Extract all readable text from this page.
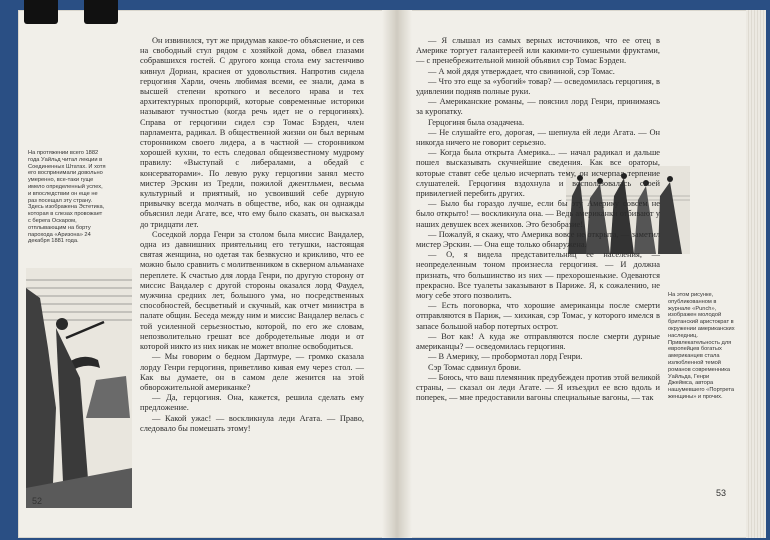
На протяжении всего 1882 года Уайльд читал лекции в Соединенных Штатах. И хотя его воспринимали довольно умеренно, все-таки гуще имело определенный успех, и впоследствии он еще не раз посещал эту страну. Здесь изображена Эстетика, которая в слезах провожает с берега Оскаром, отплывающим на борту парохода «Аризона» 24 декабря 1881 года.

Он извинился, тут же придумав какое-то объяснение, и сев на свободный стул рядом с хозяйкой дома, обвел глазами собравшихся гостей. С другого конца стола ему застенчиво кивнул Дориан, краснея от удовольствия. Напротив сидела герцогиня Харли, очень любимая всеми, ее знали, дама в высшей степени кроткого и веселого нрава и тех архитектурных пропорций, которые современные историки называют тучностью (когда речь идет не о герцогинях). Справа от герцогини сидел сэр Томас Бэрден, член парламента, радикал. В общественной жизни он был верным сторонником своего лидера, а в частной — сторонником хорошей кухни, то есть следовал общеизвестному мудрому правилу: «Выступай с либералами, а обедай с консерваторами». По левую руку герцогини занял место мистер Эрскин из Тредли, пожилой джентльмен, весьма культурный и приятный, но усвоивший себе дурную привычку всегда молчать в обществе, ибо, как он однажды объяснил леди Агате, все, что ему было сказать, он высказал до тридцати лет.

Соседкой лорда Генри за столом была миссис Вандалер, одна из давнишних приятельниц его тетушки, настоящая святая женщина, но одетая так безвкусно и крикливо, что ее можно было сравнить с молитвенником в скверном альманахе переплете. К счастью для лорда Генри, по другую сторону от миссис Вандалер с другой стороны оказался лорд Фаудел, мужчина средних лет, большого ума, но посредственных способностей, бесцветный и скучный, как отчет министра в палате общин. Беседа между ним и миссис Вандалер велась с той усиленной серьезностью, которой, по его же словам, непозволительно грешат все добродетельные люди и от которой никто из них никак не может вполне освободиться.

— Мы говорим о бедном Дартмуре, — громко сказала лорду Генри герцогиня, приветливо кивая ему через стол. — Как вы думаете, он в самом деле женится на этой обворожительной американке?

— Да, герцогиня. Она, кажется, решила сделать ему предложение.

— Какой ужас! — воскликнула леди Агата. — Право, следовало бы помешать этому!

52

— Я слышал из самых верных источников, что ее отец в Америке торгует галантереей или какими-то сушеными фруктами, — с пренебрежительной миной объявил сэр Томас Бэрден.

— А мой дядя утверждает, что свининой, сэр Томас.

— Что это еще за «убогий» товар? — осведомилась герцогиня, в удивлении подняв полные руки.

— Американские романы, — пояснил лорд Генри, принимаясь за куропатку.

Герцогиня была озадачена.

— Не слушайте его, дорогая, — шепнула ей леди Агата. — Он никогда ничего не говорит серьезно.

— Когда была открыта Америка... — начал радикал и дальше пошел высказывать скучнейшие сведения. Как все ораторы, которые ставят себе целью исчерпать тему, он исчерпал терпение слушателей. Герцогиня вздохнула и воспользовалась своей привилегией перебить других.

— Было бы гораздо лучше, если бы эту Америку совсем не было открыто! — воскликнула она. — Ведь американки отбивают у наших девушек всех женихов. Это безобразие!

— Пожалуй, я скажу, что Америка вовсе не открыта, — заметил мистер Эрскин. — Она еще только обнаружена.

— О, я видела представительниц ее населения, — неопределенным тоном произнесла герцогиня. — И должна признать, что большинство из них — прехорошенькие. Одеваются прекрасно. Все туалеты заказывают в Париже. Я, к сожалению, не могу себе этого позволить.

— Есть поговорка, что хорошие американцы после смерти отправляются в Париж, — хихикая, сэр Томас, у которого имелся в запасе большой набор потертых острот.

— Вот как! А куда же отправляются после смерти дурные американцы? — осведомилась герцогиня.

— В Америку, — пробормотал лорд Генри.

Сэр Томас сдвинул брови.

— Боюсь, что ваш племянник предубежден против этой великой страны, — сказал он леди Агате. — Я изъездил ее всю вдоль и поперек, — мне предоставили вагоны специальные вагоны, — так

На этом рисунке, опубликованном в журнале «Punch», изображен молодой британский аристократ в окружении американских наследниц. Привлекательность для европейцев богатых американцев стала излюбленной темой романов современника Уайльда, Генри Джеймса, автора нашумевшего «Портрета женщины» и прочих.
53
